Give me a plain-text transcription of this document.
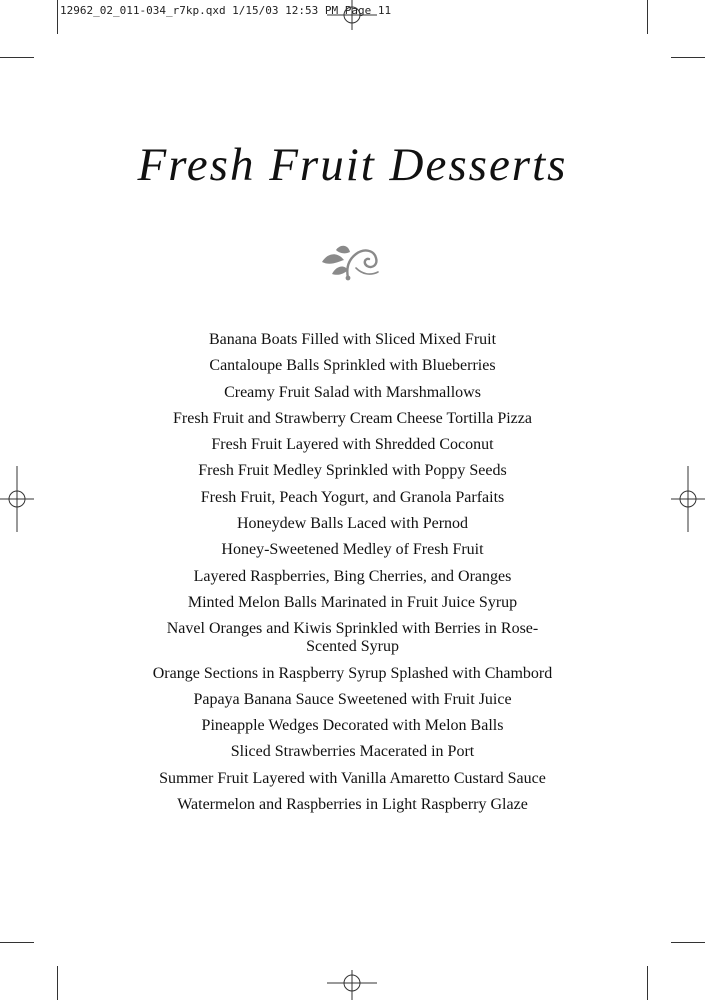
12962_02_011-034_r7kp.qxd 1/15/03 12:53 PM Page 11
Fresh Fruit Desserts
Banana Boats Filled with Sliced Mixed Fruit
Cantaloupe Balls Sprinkled with Blueberries
Creamy Fruit Salad with Marshmallows
Fresh Fruit and Strawberry Cream Cheese Tortilla Pizza
Fresh Fruit Layered with Shredded Coconut
Fresh Fruit Medley Sprinkled with Poppy Seeds
Fresh Fruit, Peach Yogurt, and Granola Parfaits
Honeydew Balls Laced with Pernod
Honey-Sweetened Medley of Fresh Fruit
Layered Raspberries, Bing Cherries, and Oranges
Minted Melon Balls Marinated in Fruit Juice Syrup
Navel Oranges and Kiwis Sprinkled with Berries in Rose-Scented Syrup
Orange Sections in Raspberry Syrup Splashed with Chambord
Papaya Banana Sauce Sweetened with Fruit Juice
Pineapple Wedges Decorated with Melon Balls
Sliced Strawberries Macerated in Port
Summer Fruit Layered with Vanilla Amaretto Custard Sauce
Watermelon and Raspberries in Light Raspberry Glaze
